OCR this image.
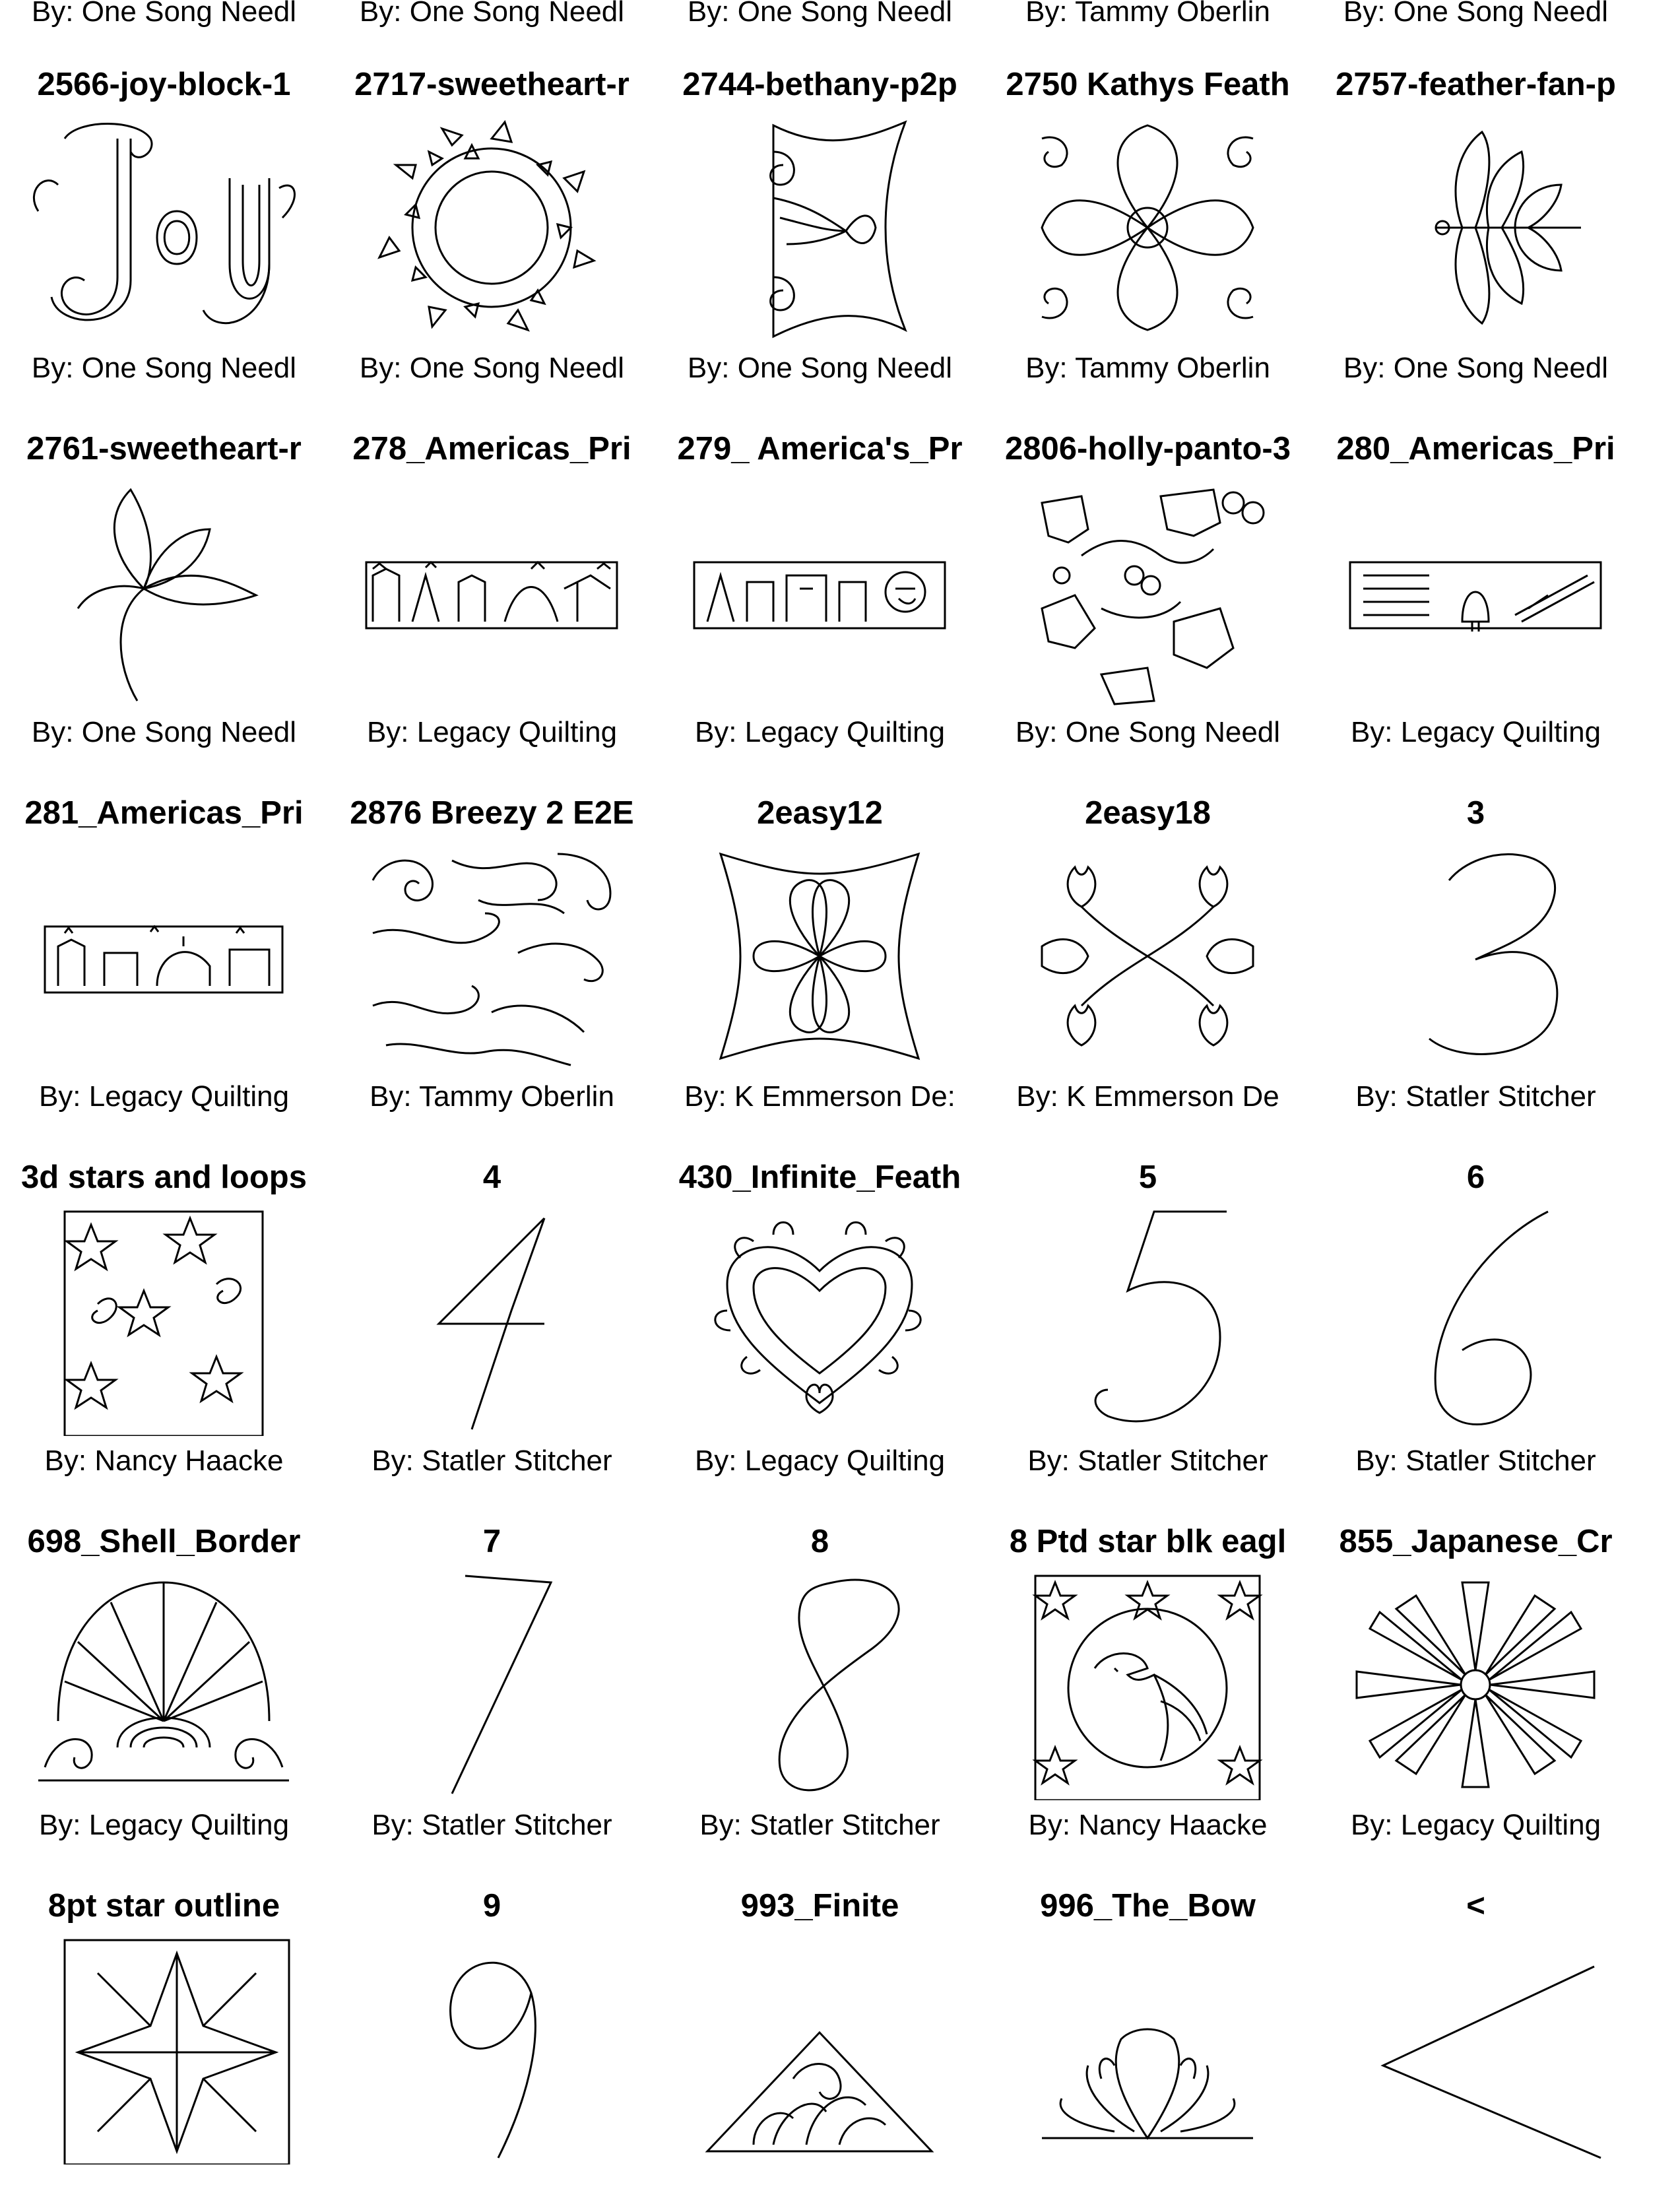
By: One Song Needl	By: One Song Needl	By: One Song Needl	By: Tammy Oberlin	By: One Song Needl
2566-joy-block-1
By: One Song Needl
2717-sweetheart-r
By: One Song Needl
2744-bethany-p2p
By: One Song Needl
2750 Kathys Feath
By: Tammy Oberlin
2757-feather-fan-p
By: One Song Needl
2761-sweetheart-r
By: One Song Needl
278_Americas_Pri
By: Legacy Quilting
279_ America's_Pr
By: Legacy Quilting
2806-holly-panto-3
By: One Song Needl
280_Americas_Pri
By: Legacy Quilting
281_Americas_Pri
By: Legacy Quilting
2876 Breezy 2 E2E
By: Tammy Oberlin
2easy12
By: K Emmerson De:
2easy18
By: K Emmerson De
3
By: Statler Stitcher
3d stars and loops
By: Nancy Haacke
4
By: Statler Stitcher
430_Infinite_Feath
By: Legacy Quilting
5
By: Statler Stitcher
6
By: Statler Stitcher
698_Shell_Border
By: Legacy Quilting
7
By: Statler Stitcher
8
By: Statler Stitcher
8 Ptd star blk eagl
By: Nancy Haacke
855_Japanese_Cr
By: Legacy Quilting
8pt star outline	9	993_Finite	996_The_Bow	<
